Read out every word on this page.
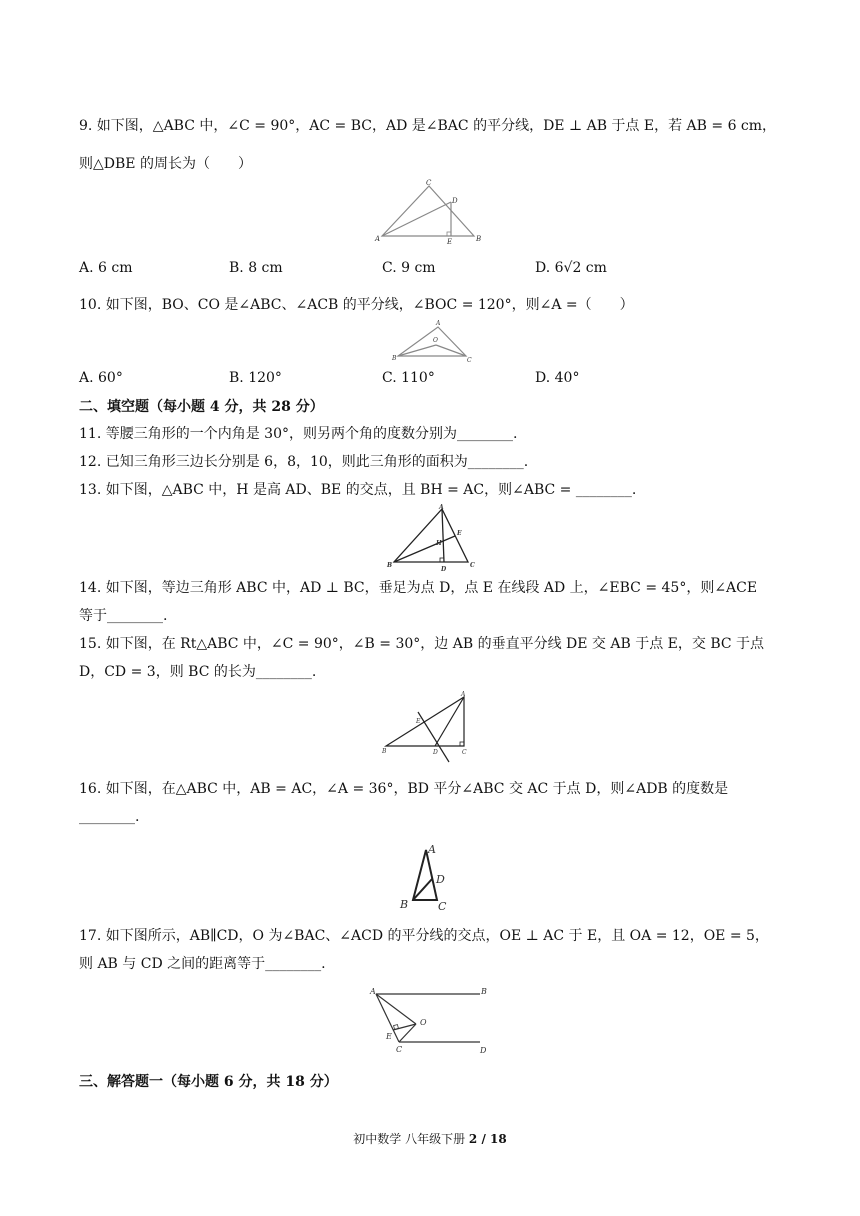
9. 如下图，△ABC 中，∠C = 90°，AC = BC，AD 是∠BAC 的平分线，DE ⊥ AB 于点 E，若 AB = 6 cm，
则△DBE 的周长为（　　）
A	B
C
D
E
A. 6 cm	B. 8 cm	C. 9 cm	D. 6√2 cm
10. 如下图，BO、CO 是∠ABC、∠ACB 的平分线，∠BOC = 120°，则∠A =（　　）
A
B	C
O
A. 60°	B. 120°	C. 110°	D. 40°
二、填空题（每小题 4 分，共 28 分）
11. 等腰三角形的一个内角是 30°，则另两个角的度数分别为________.
12. 已知三角形三边长分别是 6，8，10，则此三角形的面积为________.
13. 如下图，△ABC 中，H 是高 AD、BE 的交点，且 BH = AC，则∠ABC = ________.
A
B	C
D
E
H
14. 如下图，等边三角形 ABC 中，AD ⊥ BC，垂足为点 D，点 E 在线段 AD 上，∠EBC = 45°，则∠ACE
等于________.
15. 如下图，在 Rt△ABC 中，∠C = 90°，∠B = 30°，边 AB 的垂直平分线 DE 交 AB 于点 E，交 BC 于点
D，CD = 3，则 BC 的长为________.
A
B	C
D
E
16. 如下图，在△ABC 中，AB = AC，∠A = 36°，BD 平分∠ABC 交 AC 于点 D，则∠ADB 的度数是
________.
A
B	C
D
17. 如下图所示，AB∥CD，O 为∠BAC、∠ACD 的平分线的交点，OE ⊥ AC 于 E，且 OA = 12，OE = 5，
则 AB 与 CD 之间的距离等于________.
A	B
C	D
E
O
三、解答题一（每小题 6 分，共 18 分）
初中数学 八年级下册 2 / 18
